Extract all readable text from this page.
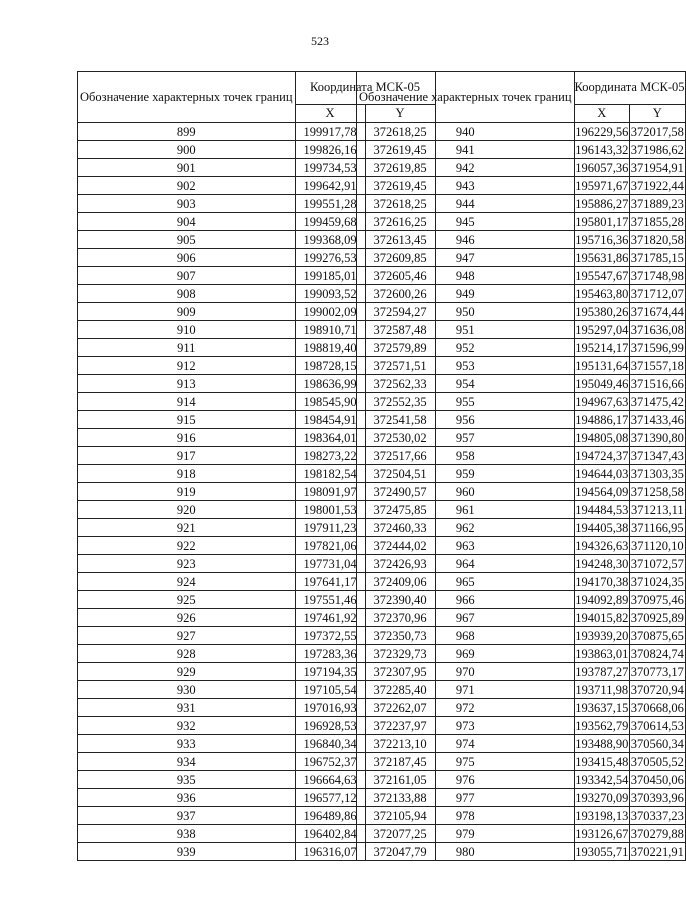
523
Обозначение характерных точек границ	Координата МСК-05	
	X	Y
899	199917,78	372618,25
900	199826,16	372619,45
901	199734,53	372619,85
902	199642,91	372619,45
903	199551,28	372618,25
904	199459,68	372616,25
905	199368,09	372613,45
906	199276,53	372609,85
907	199185,01	372605,46
908	199093,52	372600,26
909	199002,09	372594,27
910	198910,71	372587,48
911	198819,40	372579,89
912	198728,15	372571,51
913	198636,99	372562,33
914	198545,90	372552,35
915	198454,91	372541,58
916	198364,01	372530,02
917	198273,22	372517,66
918	198182,54	372504,51
919	198091,97	372490,57
920	198001,53	372475,85
921	197911,23	372460,33
922	197821,06	372444,02
923	197731,04	372426,93
924	197641,17	372409,06
925	197551,46	372390,40
926	197461,92	372370,96
927	197372,55	372350,73
928	197283,36	372329,73
929	197194,35	372307,95
930	197105,54	372285,40
931	197016,93	372262,07
932	196928,53	372237,97
933	196840,34	372213,10
934	196752,37	372187,45
935	196664,63	372161,05
936	196577,12	372133,88
937	196489,86	372105,94
938	196402,84	372077,25
939	196316,07	372047,79
Обозначение характерных точек границ	Координата МСК-05	
	X	Y
940	196229,56	372017,58
941	196143,32	371986,62
942	196057,36	371954,91
943	195971,67	371922,44
944	195886,27	371889,23
945	195801,17	371855,28
946	195716,36	371820,58
947	195631,86	371785,15
948	195547,67	371748,98
949	195463,80	371712,07
950	195380,26	371674,44
951	195297,04	371636,08
952	195214,17	371596,99
953	195131,64	371557,18
954	195049,46	371516,66
955	194967,63	371475,42
956	194886,17	371433,46
957	194805,08	371390,80
958	194724,37	371347,43
959	194644,03	371303,35
960	194564,09	371258,58
961	194484,53	371213,11
962	194405,38	371166,95
963	194326,63	371120,10
964	194248,30	371072,57
965	194170,38	371024,35
966	194092,89	370975,46
967	194015,82	370925,89
968	193939,20	370875,65
969	193863,01	370824,74
970	193787,27	370773,17
971	193711,98	370720,94
972	193637,15	370668,06
973	193562,79	370614,53
974	193488,90	370560,34
975	193415,48	370505,52
976	193342,54	370450,06
977	193270,09	370393,96
978	193198,13	370337,23
979	193126,67	370279,88
980	193055,71	370221,91
